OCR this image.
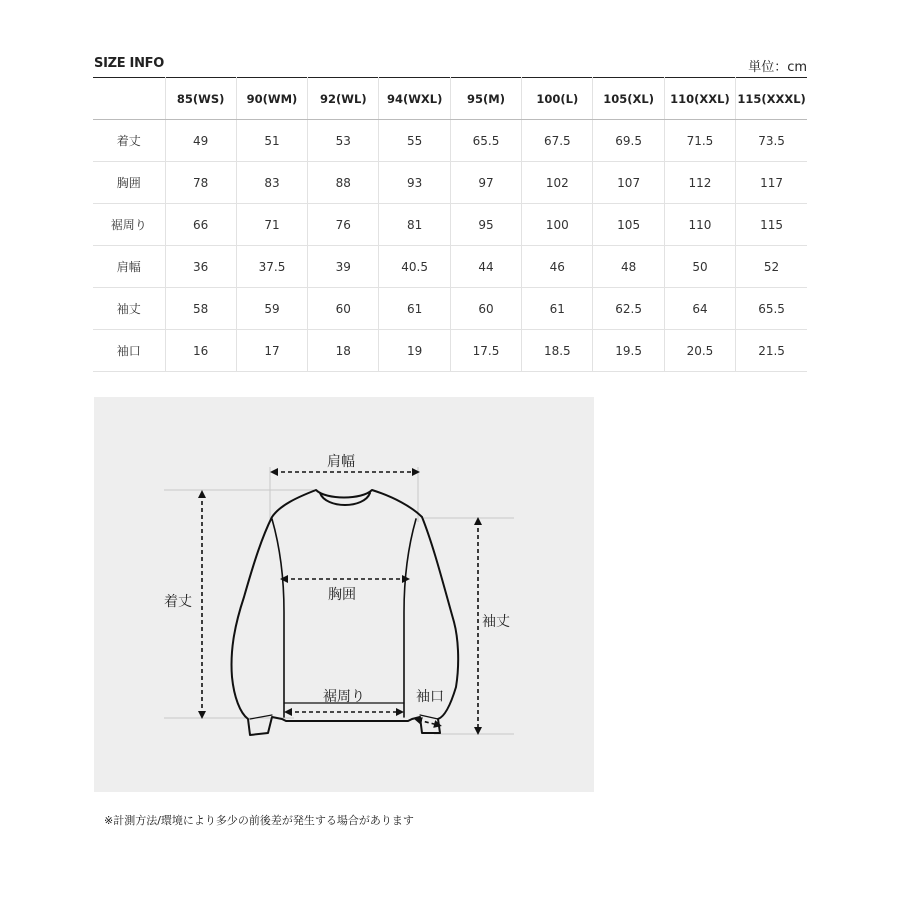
SIZE INFO	単位：cm
	85(WS)	90(WM)	92(WL)	94(WXL)	95(M)	100(L)	105(XL)	110(XXL)	115(XXXL)
着丈	49	51	53	55	65.5	67.5	69.5	71.5	73.5
胸囲	78	83	88	93	97	102	107	112	117
裾周り	66	71	76	81	95	100	105	110	115
肩幅	36	37.5	39	40.5	44	46	48	50	52
袖丈	58	59	60	61	60	61	62.5	64	65.5
袖口	16	17	18	19	17.5	18.5	19.5	20.5	21.5
肩幅
着丈	胸囲
袖丈
裾周り	袖口
※計測方法/環境により多少の前後差が発生する場合があります
